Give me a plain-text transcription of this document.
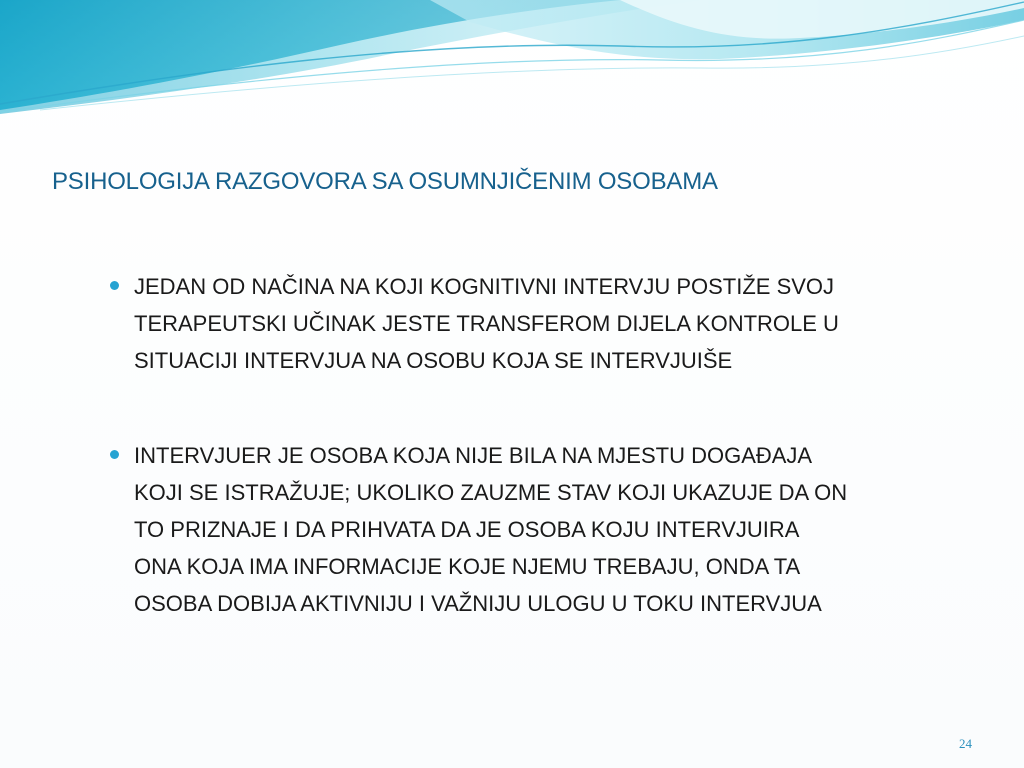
PSIHOLOGIJA RAZGOVORA SA OSUMNJIČENIM OSOBAMA
JEDAN OD NAČINA NA KOJI KOGNITIVNI INTERVJU POSTIŽE SVOJ
TERAPEUTSKI UČINAK JESTE TRANSFEROM DIJELA KONTROLE U
SITUACIJI INTERVJUA NA OSOBU KOJA SE INTERVJUIŠE
INTERVJUER JE OSOBA KOJA NIJE BILA NA MJESTU DOGAĐAJA
KOJI SE ISTRAŽUJE; UKOLIKO ZAUZME STAV KOJI UKAZUJE DA ON
TO PRIZNAJE I DA PRIHVATA DA JE OSOBA KOJU INTERVJUIRA
ONA KOJA IMA INFORMACIJE KOJE NJEMU TREBAJU, ONDA TA
OSOBA DOBIJA AKTIVNIJU I VAŽNIJU ULOGU U TOKU INTERVJUA
24
